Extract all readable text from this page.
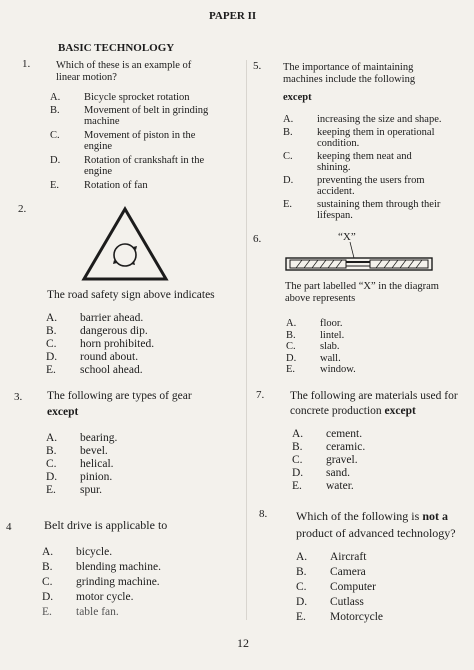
PAPER II
BASIC TECHNOLOGY
1. Which of these is an example of linear motion?
A.	Bicycle sprocket rotation
B.	Movement of belt in grinding machine
C.	Movement of piston in the engine
D.	Rotation of crankshaft in the engine
E.	Rotation of fan
2.
The road safety sign above indicates
A.	barrier ahead.
B.	dangerous dip.
C.	horn prohibited.
D.	round about.
E.	school ahead.
3. The following are types of gear
except
A.	bearing.
B.	bevel.
C.	helical.
D.	pinion.
E.	spur.
4	Belt drive is applicable to
A.	bicycle.
B.	blending machine.
C.	grinding machine.
D.	motor cycle.
E.	table fan.
5. The importance of maintaining machines include the following
except
A.	increasing the size and shape.
B.	keeping them in operational condition.
C.	keeping them neat and shining.
D.	preventing the users from accident.
E.	sustaining them through their lifespan.
6.	“X”
The part labelled “X” in the diagram above represents
A.	floor.
B.	lintel.
C.	slab.
D.	wall.
E.	window.
7. The following are materials used for concrete production except
A.	cement.
B.	ceramic.
C.	gravel.
D.	sand.
E.	water.
8. Which of the following is not a product of advanced technology?
A.	Aircraft
B.	Camera
C.	Computer
D.	Cutlass
E.	Motorcycle
12
